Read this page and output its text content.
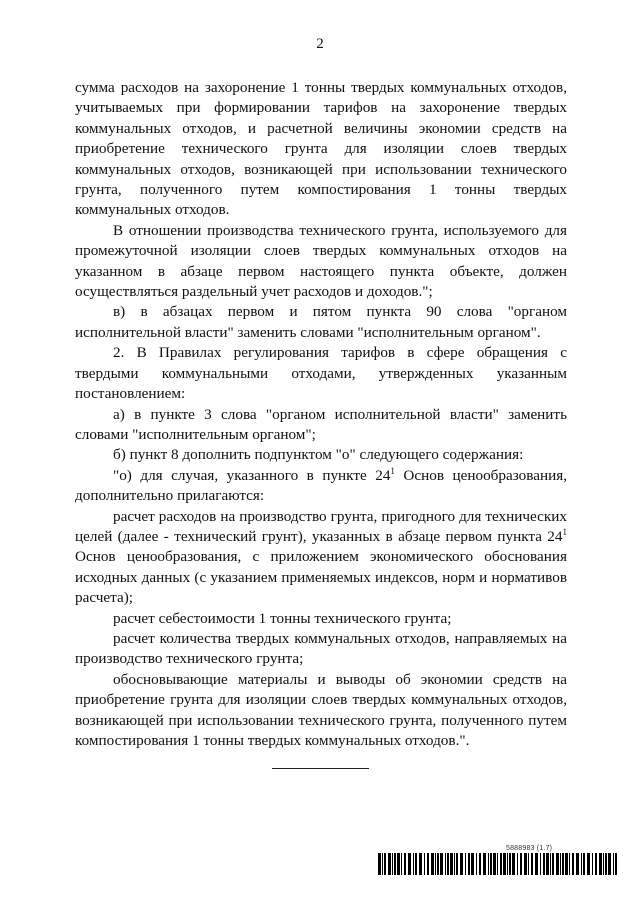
2

сумма расходов на захоронение 1 тонны твердых коммунальных отходов, учитываемых при формировании тарифов на захоронение твердых коммунальных отходов, и расчетной величины экономии средств на приобретение технического грунта для изоляции слоев твердых коммунальных отходов, возникающей при использовании технического грунта, полученного путем компостирования 1 тонны твердых коммунальных отходов.

В отношении производства технического грунта, используемого для промежуточной изоляции слоев твердых коммунальных отходов на указанном в абзаце первом настоящего пункта объекте, должен осуществляться раздельный учет расходов и доходов.";

в) в абзацах первом и пятом пункта 90 слова "органом исполнительной власти" заменить словами "исполнительным органом".

2. В Правилах регулирования тарифов в сфере обращения с твердыми коммунальными отходами, утвержденных указанным постановлением:

а) в пункте 3 слова "органом исполнительной власти" заменить словами "исполнительным органом";

б) пункт 8 дополнить подпунктом "о" следующего содержания:

"о) для случая, указанного в пункте $24^1$ Основ ценообразования, дополнительно прилагаются:

расчет расходов на производство грунта, пригодного для технических целей (далее - технический грунт), указанных в абзаце первом пункта $24^1$ Основ ценообразования, с приложением экономического обоснования исходных данных (с указанием применяемых индексов, норм и нормативов расчета);

расчет себестоимости 1 тонны технического грунта;

расчет количества твердых коммунальных отходов, направляемых на производство технического грунта;

обосновывающие материалы и выводы об экономии средств на приобретение грунта для изоляции слоев твердых коммунальных отходов, возникающей при использовании технического грунта, полученного путем компостирования 1 тонны твердых коммунальных отходов.".

5888983 (1.7)
